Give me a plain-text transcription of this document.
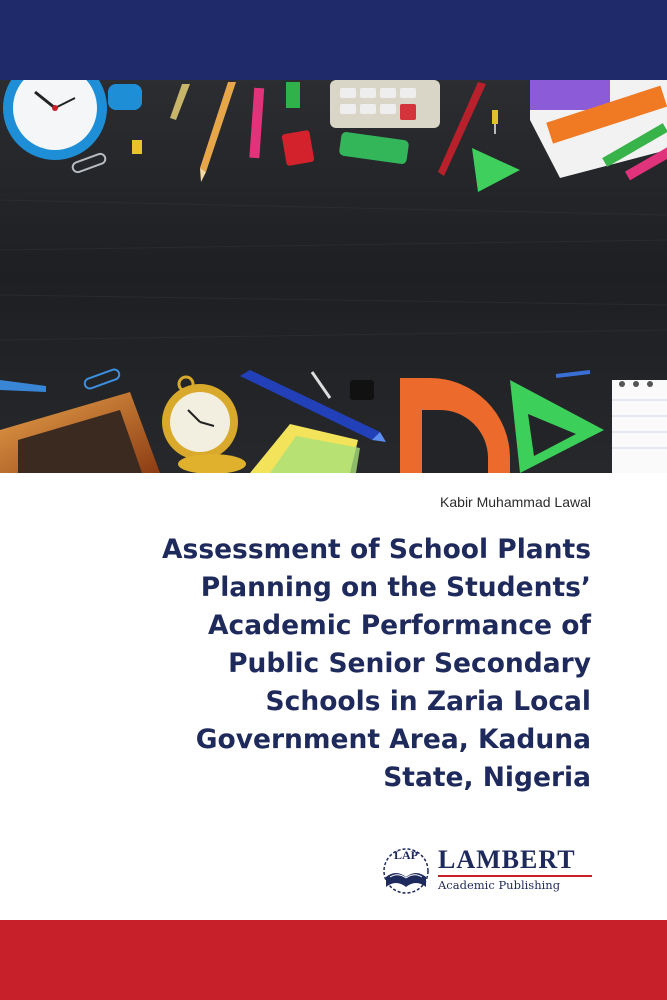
Kabir Muhammad Lawal
Assessment of School Plants
Planning on the Students’
Academic Performance of
Public Senior Secondary
Schools in Zaria Local
Government Area, Kaduna
State, Nigeria
LAP LAMBERT
Academic Publishing
